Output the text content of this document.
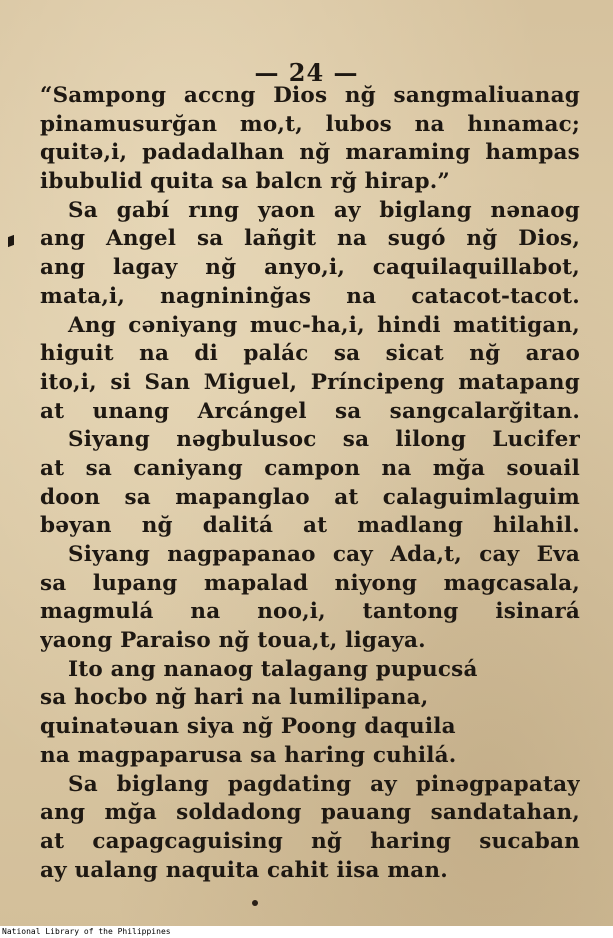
— 24 —
“Sampong accng Dios nğ sangmaliuanag
pinamusurğan mo,t, lubos na hınamac;
quitə,i, padadalhan nğ maraming hampas
ibubulid quita sa balcn rğ hirap.”
Sa gabí rıng yaon ay biglang nənaog
ang Angel sa lañgit na sugó nğ Dios,
ang lagay nğ anyo,i, caquilaquillabot,
mata,i, nagnininğas na catacot-tacot.
Ang cəniyang muc-ha,i, hindi matitigan,
higuit na di palác sa sicat nğ arao
ito,i, si San Miguel, Príncipeng matapang
at unang Arcángel sa sangcalarğitan.
Siyang nəgbulusoc sa lilong Lucifer
at sa caniyang campon na mğa souail
doon sa mapanglao at calaguimlaguim
bəyan nğ dalitá at madlang hilahil.
Siyang nagpapanao cay Ada,t, cay Eva
sa lupang mapalad niyong magcasala,
magmulá na noo,i, tantong isinará
yaong Paraiso nğ toua,t, ligaya.
Ito ang nanaog talagang pupucsá
sa hocbo nğ hari na lumilipana,
quinatəuan siya nğ Poong daquila
na magpaparusa sa haring cuhilá.
Sa biglang pagdating ay pinəgpapatay
ang mğa soldadong pauang sandatahan,
at capagcaguising nğ haring sucaban
ay ualang naquita cahit iisa man.
National Library of the Philippines
